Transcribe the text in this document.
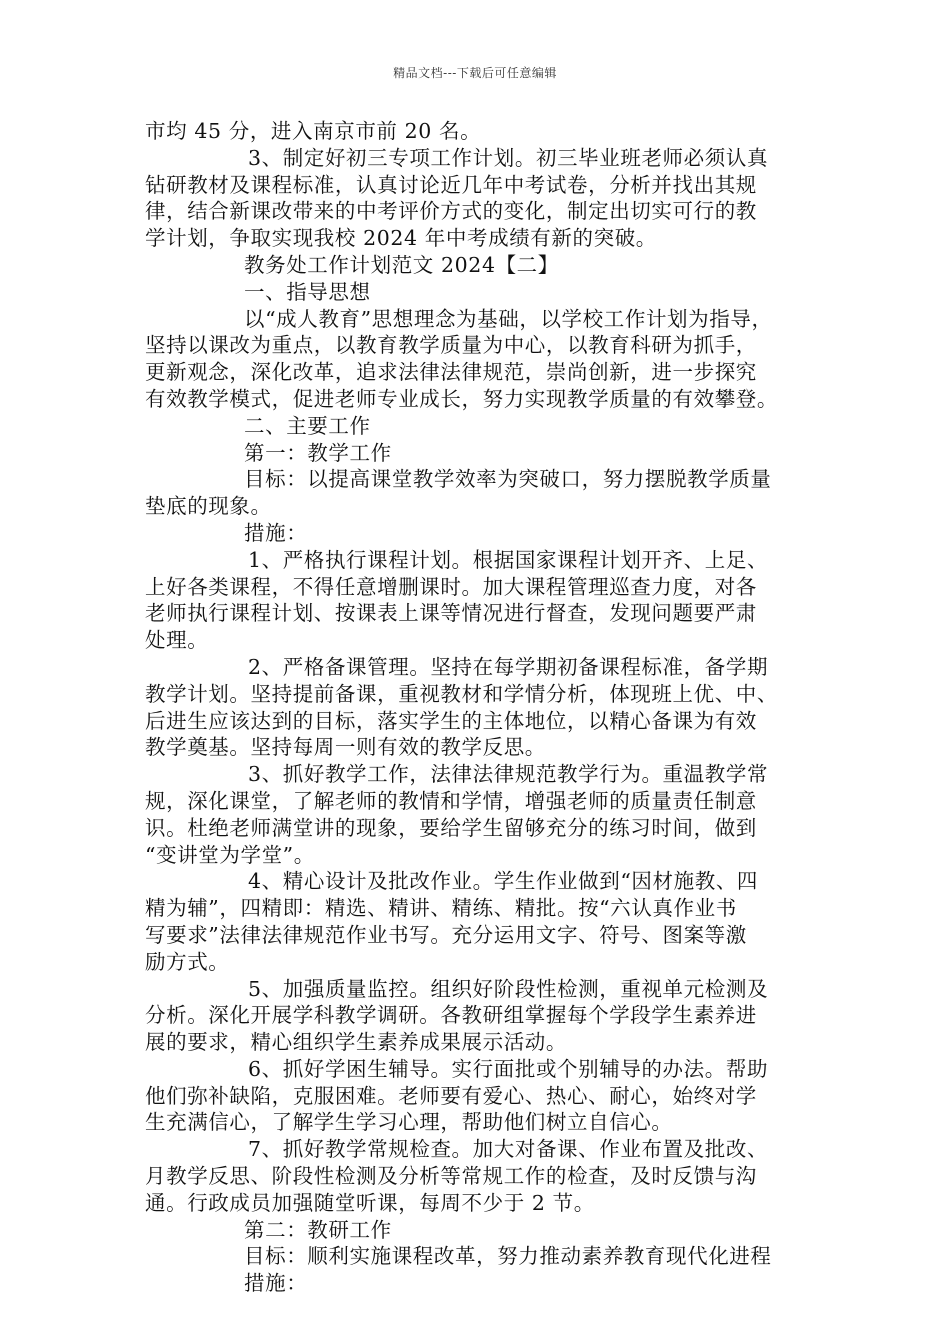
精品文档---下载后可任意编辑
市均 45 分，进入南京市前 20 名。
3、制定好初三专项工作计划。初三毕业班老师必须认真
钻研教材及课程标准，认真讨论近几年中考试卷，分析并找出其规
律，结合新课改带来的中考评价方式的变化，制定出切实可行的教
学计划，争取实现我校 2024 年中考成绩有新的突破。
教务处工作计划范文 2024【二】
一、指导思想
以“成人教育”思想理念为基础，以学校工作计划为指导，
坚持以课改为重点，以教育教学质量为中心，以教育科研为抓手，
更新观念，深化改革，追求法律法律规范，崇尚创新，进一步探究
有效教学模式，促进老师专业成长，努力实现教学质量的有效攀登。
二、主要工作
第一：教学工作
目标：以提高课堂教学效率为突破口，努力摆脱教学质量
垫底的现象。
措施：
1、严格执行课程计划。根据国家课程计划开齐、上足、
上好各类课程，不得任意增删课时。加大课程管理巡查力度，对各
老师执行课程计划、按课表上课等情况进行督查，发现问题要严肃
处理。
2、严格备课管理。坚持在每学期初备课程标准，备学期
教学计划。坚持提前备课，重视教材和学情分析，体现班上优、中、
后进生应该达到的目标，落实学生的主体地位，以精心备课为有效
教学奠基。坚持每周一则有效的教学反思。
3、抓好教学工作，法律法律规范教学行为。重温教学常
规，深化课堂，了解老师的教情和学情，增强老师的质量责任制意
识。杜绝老师满堂讲的现象，要给学生留够充分的练习时间，做到
“变讲堂为学堂”。
4、精心设计及批改作业。学生作业做到“因材施教、四
精为辅”，四精即：精选、精讲、精练、精批。按“六认真作业书
写要求”法律法律规范作业书写。充分运用文字、符号、图案等激
励方式。
5、加强质量监控。组织好阶段性检测，重视单元检测及
分析。深化开展学科教学调研。各教研组掌握每个学段学生素养进
展的要求，精心组织学生素养成果展示活动。
6、抓好学困生辅导。实行面批或个别辅导的办法。帮助
他们弥补缺陷，克服困难。老师要有爱心、热心、耐心，始终对学
生充满信心，了解学生学习心理，帮助他们树立自信心。
7、抓好教学常规检查。加大对备课、作业布置及批改、
月教学反思、阶段性检测及分析等常规工作的检查，及时反馈与沟
通。行政成员加强随堂听课，每周不少于 2 节。
第二：教研工作
目标：顺利实施课程改革，努力推动素养教育现代化进程
措施：
